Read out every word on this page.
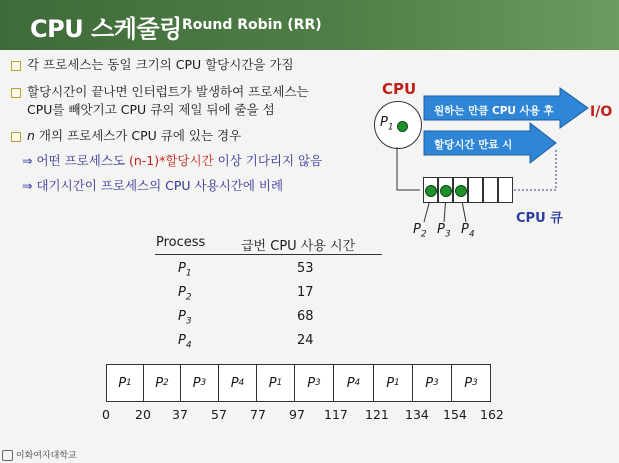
CPU 스케줄링 Round Robin (RR)
각 프로세스는 동일 크기의 CPU 할당시간을 가짐
할당시간이 끝나면 인터럽트가 발생하여 프로세스는
CPU를 빼앗기고 CPU 큐의 제일 뒤에 줄을 섬
n 개의 프로세스가 CPU 큐에 있는 경우
⇒ 어떤 프로세스도 (n-1)*할당시간 이상 기다리지 않음
⇒ 대기시간이 프로세스의 CPU 사용시간에 비례
CPU
$P_1$
원하는 만큼 CPU 사용 후
할당시간 만료 시
I/O
$P_2$ $P_3$ $P_4$
CPU 큐
Process	급번 CPU 사용 시간
$P_1$	53
$P_2$	17
$P_3$	68
$P_4$	24
P 1 P 2 P 3 P 4 P 1 P 3 P 4 P 1 P 3 P 3
0 20 37 57 77 97 117 121 134 154 162
이화여자대학교
